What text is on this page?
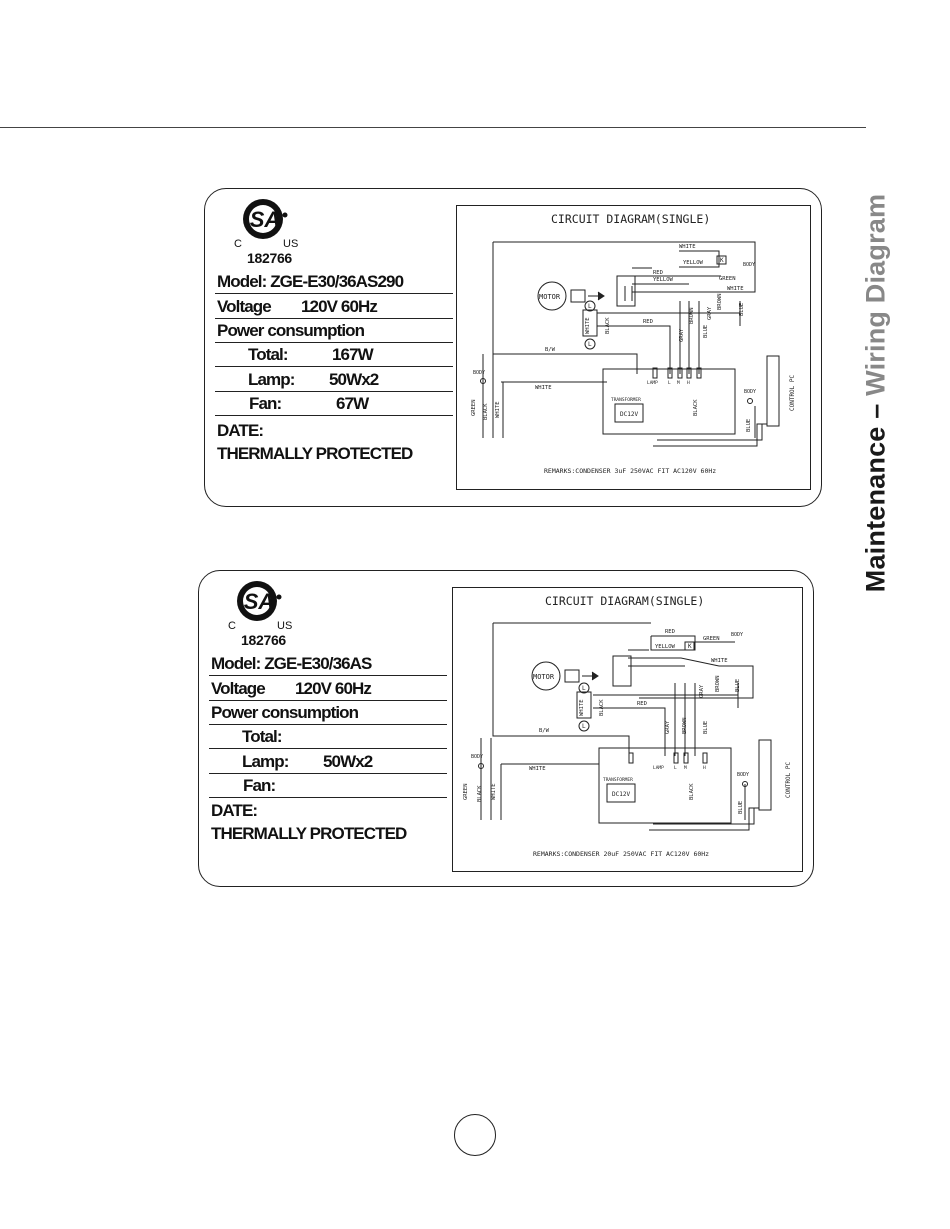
Maintenance – Wiring Diagram
SA
C	US
182766
Model: ZGE-E30/36AS290
Voltage 120V 60Hz
Power consumption
Total:	167W
Lamp: 50Wx2
Fan:	67W
DATE:
THERMALLY PROTECTED
CIRCUIT DIAGRAM(SINGLE)
MOTOR
L
L
WHITE	BLACK
TRANSFORMER
DC12V
LAMP L M H	CONTROL PC
BODY
BODY
BODY
K
WHITE
YELLOW
RED
YELLOW	GREEN
WHITE
RED
B/W
WHITE
GREEN BLACK WHITE
GRAY
BROWN	BLUE
GRAY
BROWN
BLUE
BLACK
BLUE
REMARKS:CONDENSER 3uF 250VAC FIT AC120V 60Hz
SA
C	US
182766
Model: ZGE-E30/36AS
Voltage 120V 60Hz
Power consumption
Total:
Lamp: 50Wx2
Fan:
DATE:
THERMALLY PROTECTED
CIRCUIT DIAGRAM(SINGLE)
MOTOR
L
L
WHITE	BLACK
TRANSFORMER
DC12V
LAMP L M	H	CONTROL PC
BODY
BODY
BODY
K
RED
YELLOW
GREEN
WHITE
RED
B/W
WHITE
GREEN BLACK WHITE
GRAY BROWN	BLUE
GRAY BROWN	BLUE
BLACK
BLUE
REMARKS:CONDENSER 20uF 250VAC FIT AC120V 60Hz
